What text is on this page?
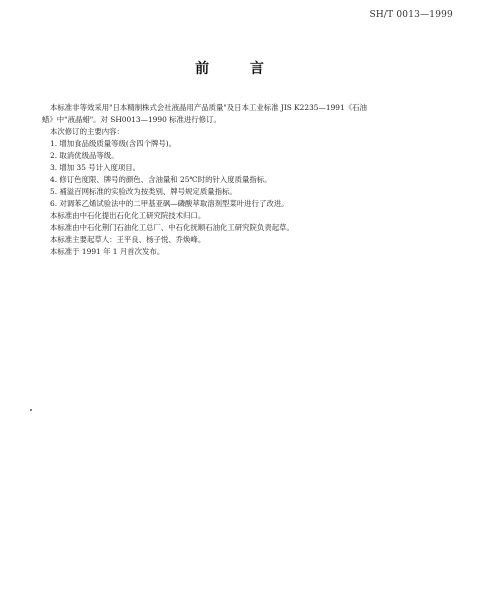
SH/T 0013—1999
前 言

本标准非等效采用"日本精制株式会社液晶用产品质量"及日本工业标准 JIS K2235—1991《石油

蜡》中"液晶蜡"。对 SH0013—1990 标准进行修订。

本次修订的主要内容：

1. 增加食品级质量等级(含四个牌号)。

2. 取消优级品等级。

3. 增加 35 号计入度项目。

4. 修订色度限、牌号的颜色、含油量和 25℃时的针入度质量指标。

5. 補溢百网标准的实验改为按类别、牌号规定质量指标。

6. 对调苯乙烯试验法中的二甲基亚砜—磷酸萃取溶剂型菜叶进行了改进。

本标准由中石化提出石化化工研究院技术归口。

本标准由中石化荆门石油化工总厂、中石化抚顺石油化工研究院负责起草。

本标准主要起草人：王平良、杨子悦、乔焕峰。

本标准于 1991 年 1 月首次发布。
